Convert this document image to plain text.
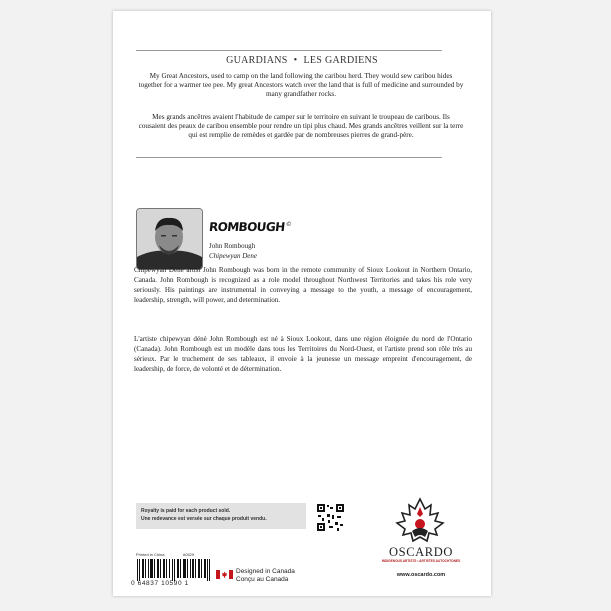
GUARDIANS • LES GARDIENS

My Great Ancestors, used to camp on the land following the caribou herd. They would sew caribou hides together for a warmer tee pee. My great Ancestors watch over the land that is full of medicine and surrounded by many grandfather rocks.

Mes grands ancêtres avaient l'habitude de camper sur le territoire en suivant le troupeau de caribous. Ils cousaient des peaux de caribou ensemble pour rendre un tipi plus chaud. Mes grands ancêtres veillent sur la terre qui est remplie de remèdes et gardée par de nombreuses pierres de grand-père.

ROMBOUGH©
John Rombough
Chipewyan Dene

Chipewyan Dene artist John Rombough was born in the remote community of Sioux Lookout in Northern Ontario, Canada. John Rombough is recognized as a role model throughout Northwest Territories and takes his role very seriously. His paintings are instrumental in conveying a message to the youth, a message of encouragement, leadership, strength, will power, and determination.

L'artiste chipewyan dénè John Rombough est né à Sioux Lookout, dans une région éloignée du nord de l'Ontario (Canada). John Rombough est un modèle dans tous les Territoires du Nord-Ouest, et l'artiste prend son rôle très au sérieux. Par le truchement de ses tableaux, il envoie à la jeunesse un message empreint d'encouragement, de leadership, de force, de volonté et de détermination.

Royalty is paid for each product sold.
Une redevance est versée sur chaque produit vendu.
Printed in China	#0529
0 64837 10590 1
Designed in Canada
Conçu au Canada
OSCARDO
INDIGENOUS ARTISTS • ARTISTES AUTOCHTONES
www.oscardo.com
